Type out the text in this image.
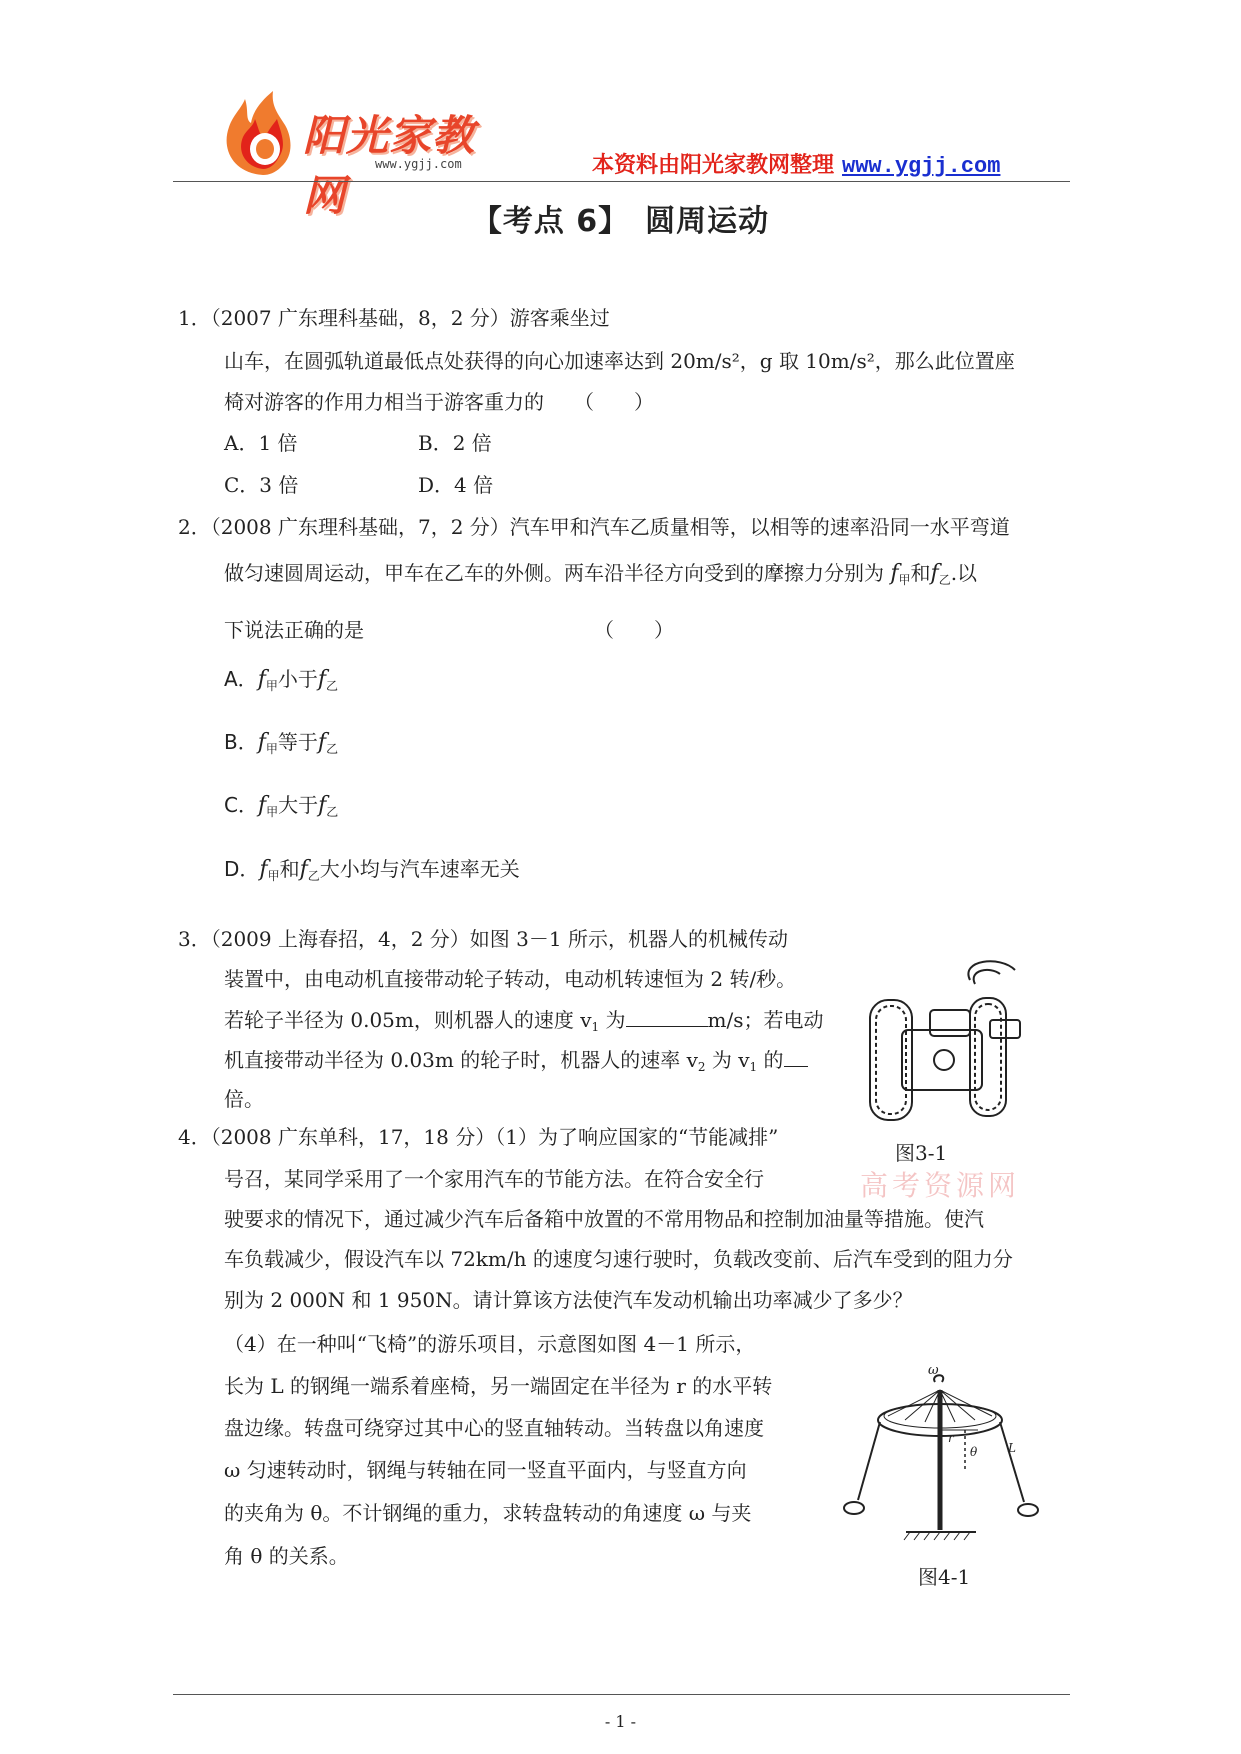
阳光家教网
www.ygjj.com	本资料由阳光家教网整理 www.ygjj.com
【考点 6】　圆周运动
1．（2007 广东理科基础，8，2 分）游客乘坐过
山车，在圆弧轨道最低点处获得的向心加速率达到 20m/s²，g 取 10m/s²，那么此位置座
椅对游客的作用力相当于游客重力的　　（　　）
A．1 倍	B．2 倍
C．3 倍	D．4 倍
2．（2008 广东理科基础，7，2 分）汽车甲和汽车乙质量相等，以相等的速率沿同一水平弯道
做匀速圆周运动，甲车在乙车的外侧。两车沿半径方向受到的摩擦力分别为 $f_甲$和$f_乙$.以
下说法正确的是　　　　　　　　　　　　（　　）
A．$f_甲$小于$f_乙$
B．$f_甲$等于$f_乙$
C．$f_甲$大于$f_乙$
D．$f_甲$和$f_乙$大小均与汽车速率无关
3．（2009 上海春招，4，2 分）如图 3－1 所示，机器人的机械传动
装置中，由电动机直接带动轮子转动，电动机转速恒为 2 转/秒。
若轮子半径为 0.05m，则机器人的速度 $v_1$ 为	m/s；若电动
机直接带动半径为 0.03m 的轮子时，机器人的速率 $v_2$ 为 $v_1$ 的
倍。
图3-1
高考资源网
4．（2008 广东单科，17，18 分）（1）为了响应国家的“节能减排”
号召，某同学采用了一个家用汽车的节能方法。在符合安全行
驶要求的情况下，通过减少汽车后备箱中放置的不常用物品和控制加油量等措施。使汽
车负载减少，假设汽车以 72km/h 的速度匀速行驶时，负载改变前、后汽车受到的阻力分
别为 2 000N 和 1 950N。请计算该方法使汽车发动机输出功率减少了多少？
（4）在一种叫“飞椅”的游乐项目，示意图如图 4－1 所示，
长为 L 的钢绳一端系着座椅，另一端固定在半径为 r 的水平转
盘边缘。转盘可绕穿过其中心的竖直轴转动。当转盘以角速度
ω 匀速转动时，钢绳与转轴在同一竖直平面内，与竖直方向
的夹角为 θ。不计钢绳的重力，求转盘转动的角速度 ω 与夹
角 θ 的关系。
ω
r
θ	L
图4-1
- 1 -
